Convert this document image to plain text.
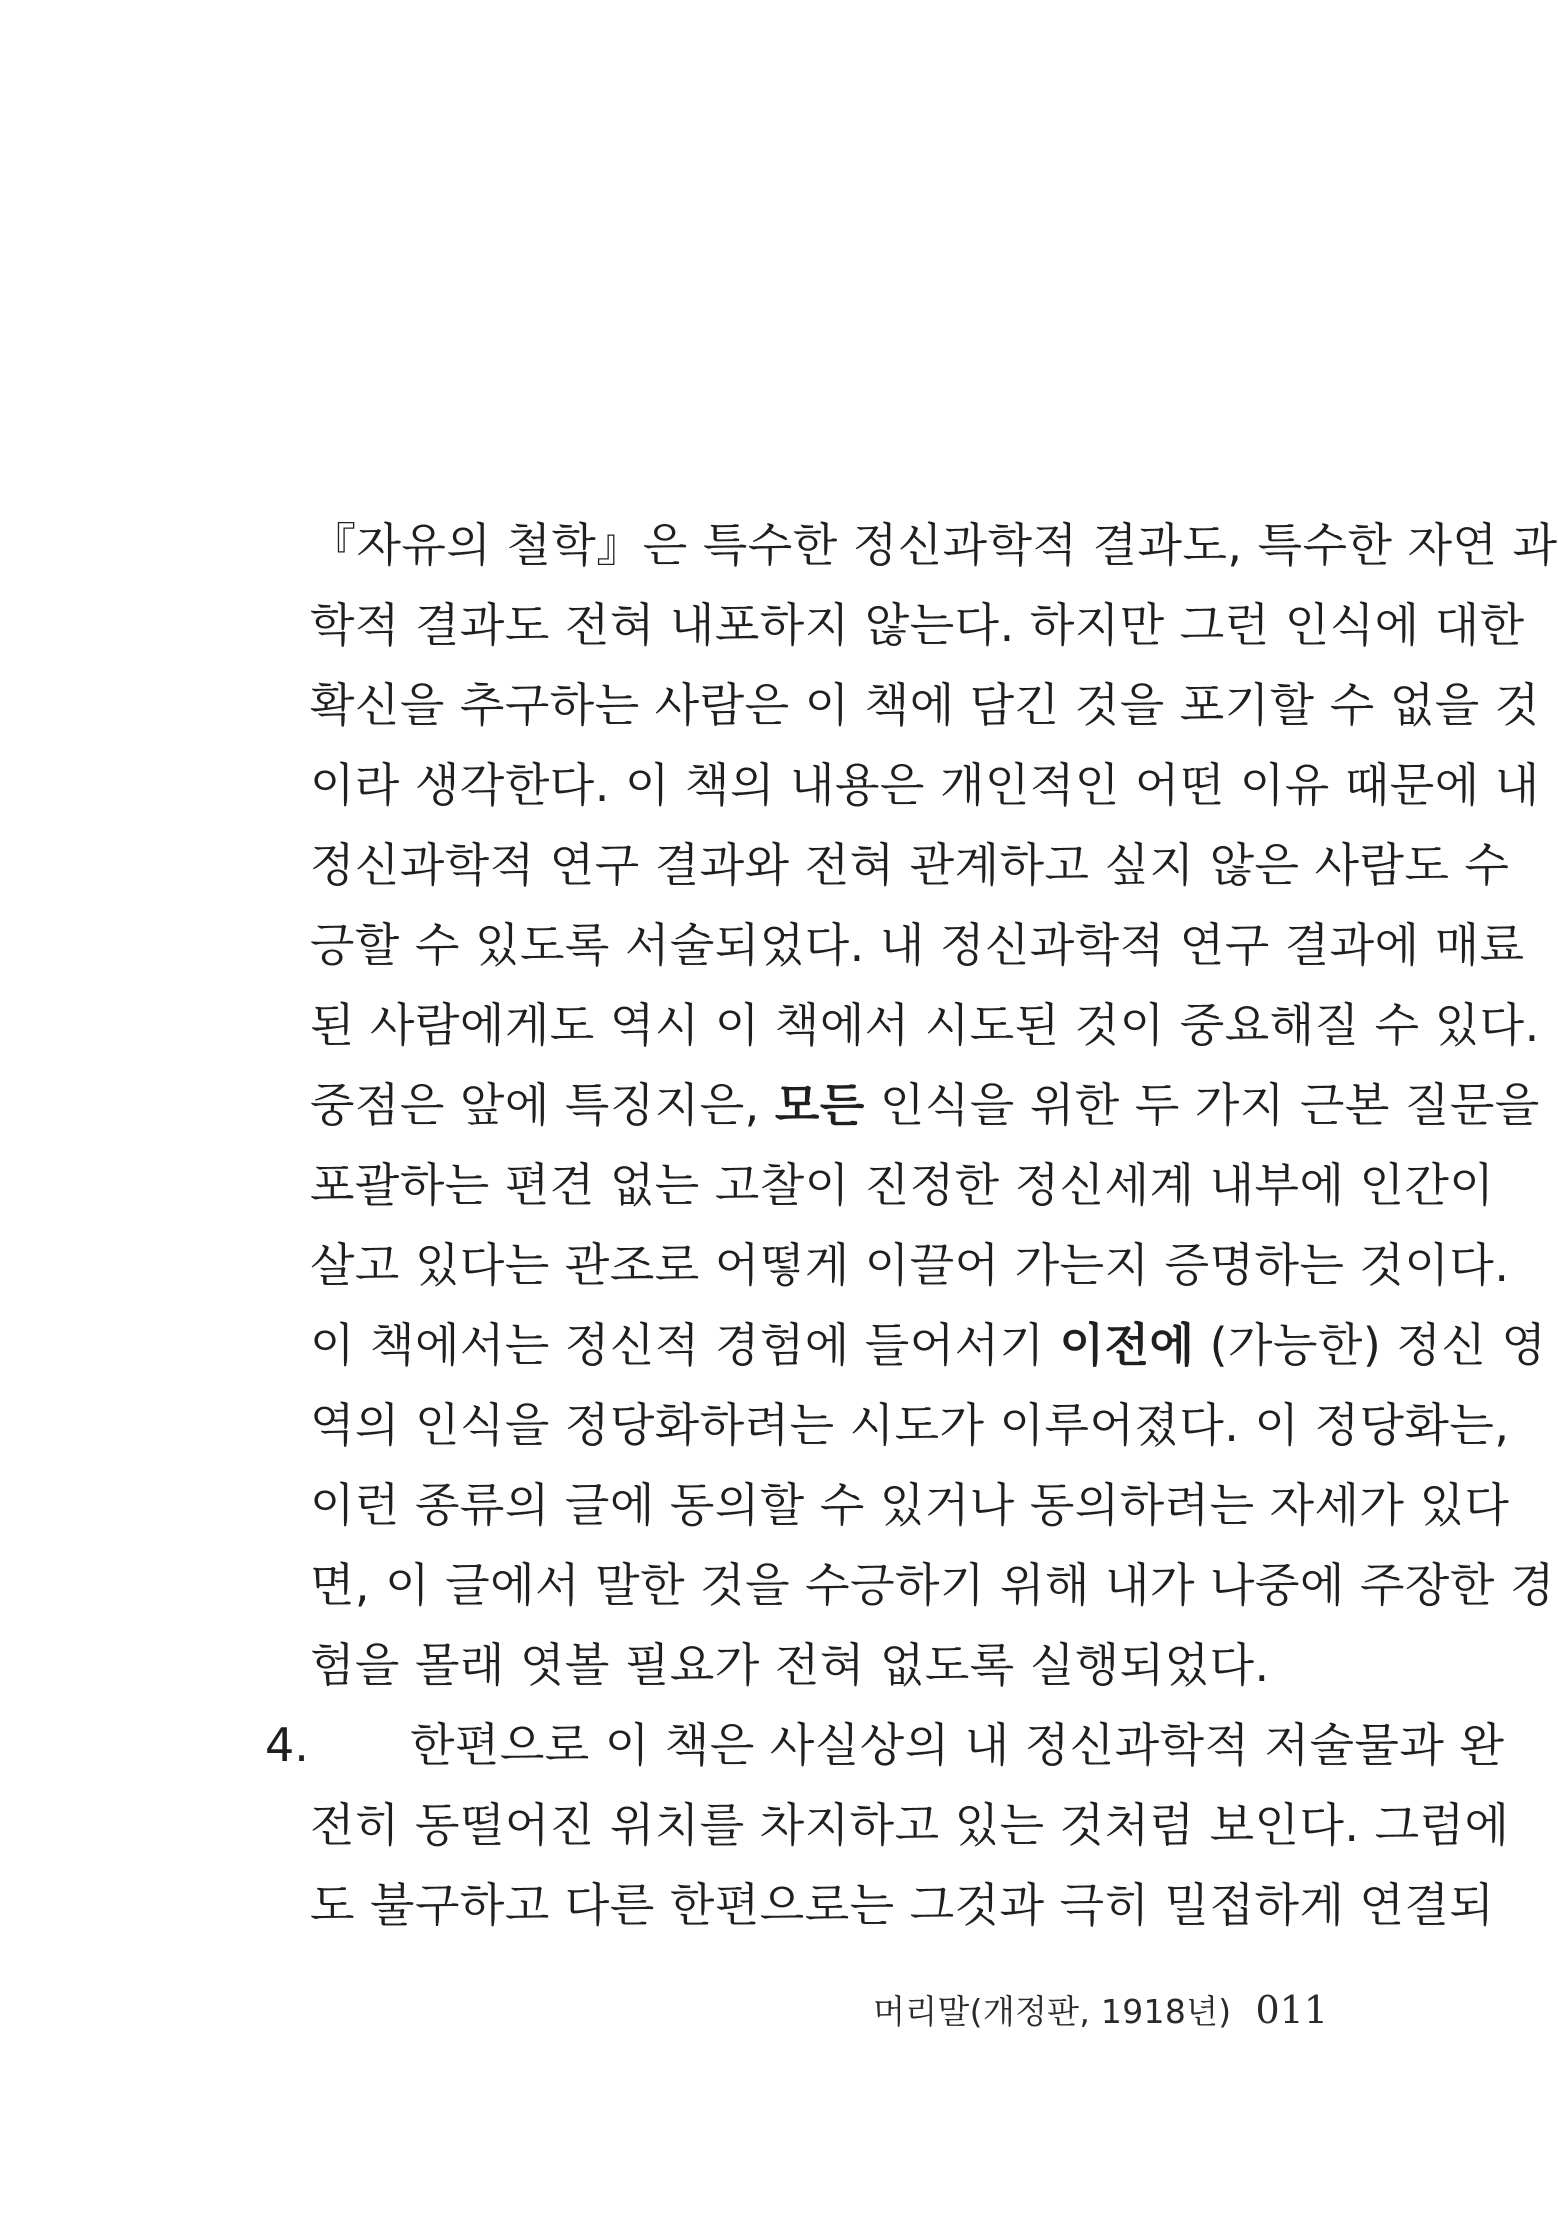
『자유의 철학』은 특수한 정신과학적 결과도, 특수한 자연 과
학적 결과도 전혀 내포하지 않는다. 하지만 그런 인식에 대한
확신을 추구하는 사람은 이 책에 담긴 것을 포기할 수 없을 것
이라 생각한다. 이 책의 내용은 개인적인 어떤 이유 때문에 내
정신과학적 연구 결과와 전혀 관계하고 싶지 않은 사람도 수
긍할 수 있도록 서술되었다. 내 정신과학적 연구 결과에 매료
된 사람에게도 역시 이 책에서 시도된 것이 중요해질 수 있다.
중점은 앞에 특징지은, 모든 인식을 위한 두 가지 근본 질문을
포괄하는 편견 없는 고찰이 진정한 정신세계 내부에 인간이
살고 있다는 관조로 어떻게 이끌어 가는지 증명하는 것이다.
이 책에서는 정신적 경험에 들어서기 이전에 (가능한) 정신 영
역의 인식을 정당화하려는 시도가 이루어졌다. 이 정당화는,
이런 종류의 글에 동의할 수 있거나 동의하려는 자세가 있다
면, 이 글에서 말한 것을 수긍하기 위해 내가 나중에 주장한 경
험을 몰래 엿볼 필요가 전혀 없도록 실행되었다.
4. 한편으로 이 책은 사실상의 내 정신과학적 저술물과 완
전히 동떨어진 위치를 차지하고 있는 것처럼 보인다. 그럼에
도 불구하고 다른 한편으로는 그것과 극히 밀접하게 연결되
머리말(개정판, 1918년) 011
